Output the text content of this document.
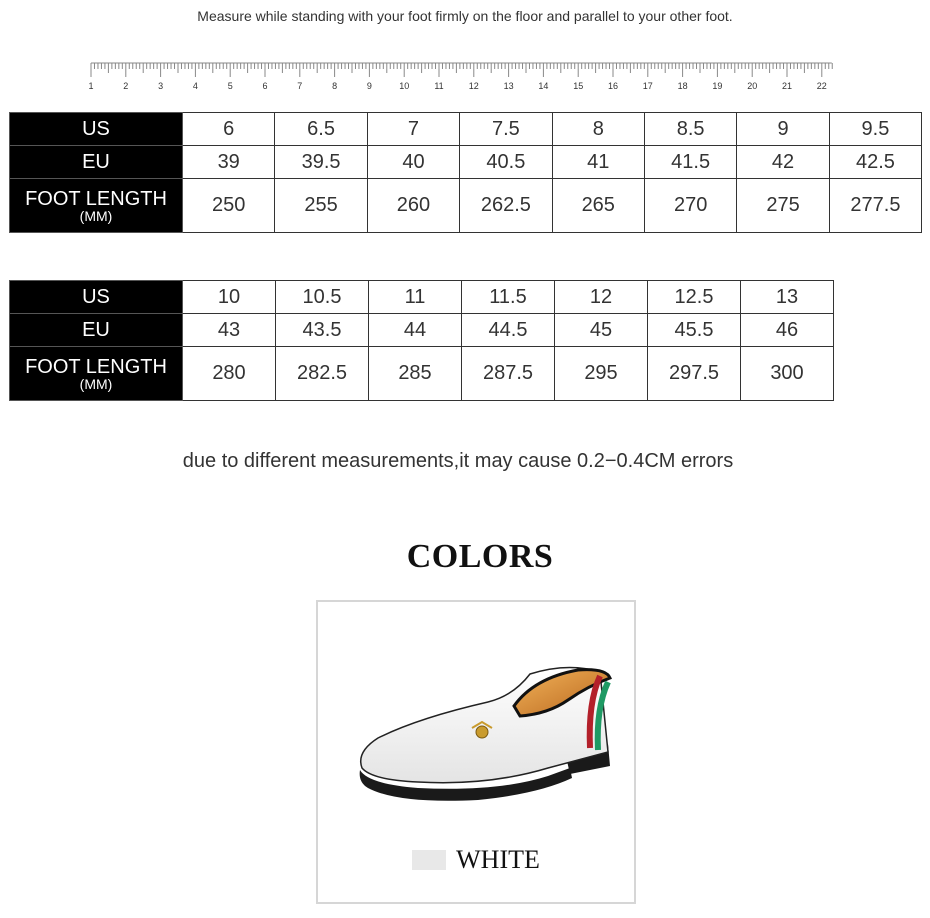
Measure while standing with your foot firmly on the floor and parallel to your other foot.

1	2	3	4	5	6	7	8	9	10	11	12	13	14	15	16	17	18	19	20	21	22
US	6	6.5	7	7.5	8	8.5	9	9.5
EU	39	39.5	40	40.5	41	41.5	42	42.5

FOOT LENGTH
(MM)	250	255	260	262.5	265	270	275	277.5
US	10	10.5	11	11.5	12	12.5	13
EU	43	43.5	44	44.5	45	45.5	46

FOOT LENGTH
(MM)	280	282.5	285	287.5	295	297.5	300

due to different measurements,it may cause 0.2−0.4CM errors

COLORS
WHITE
